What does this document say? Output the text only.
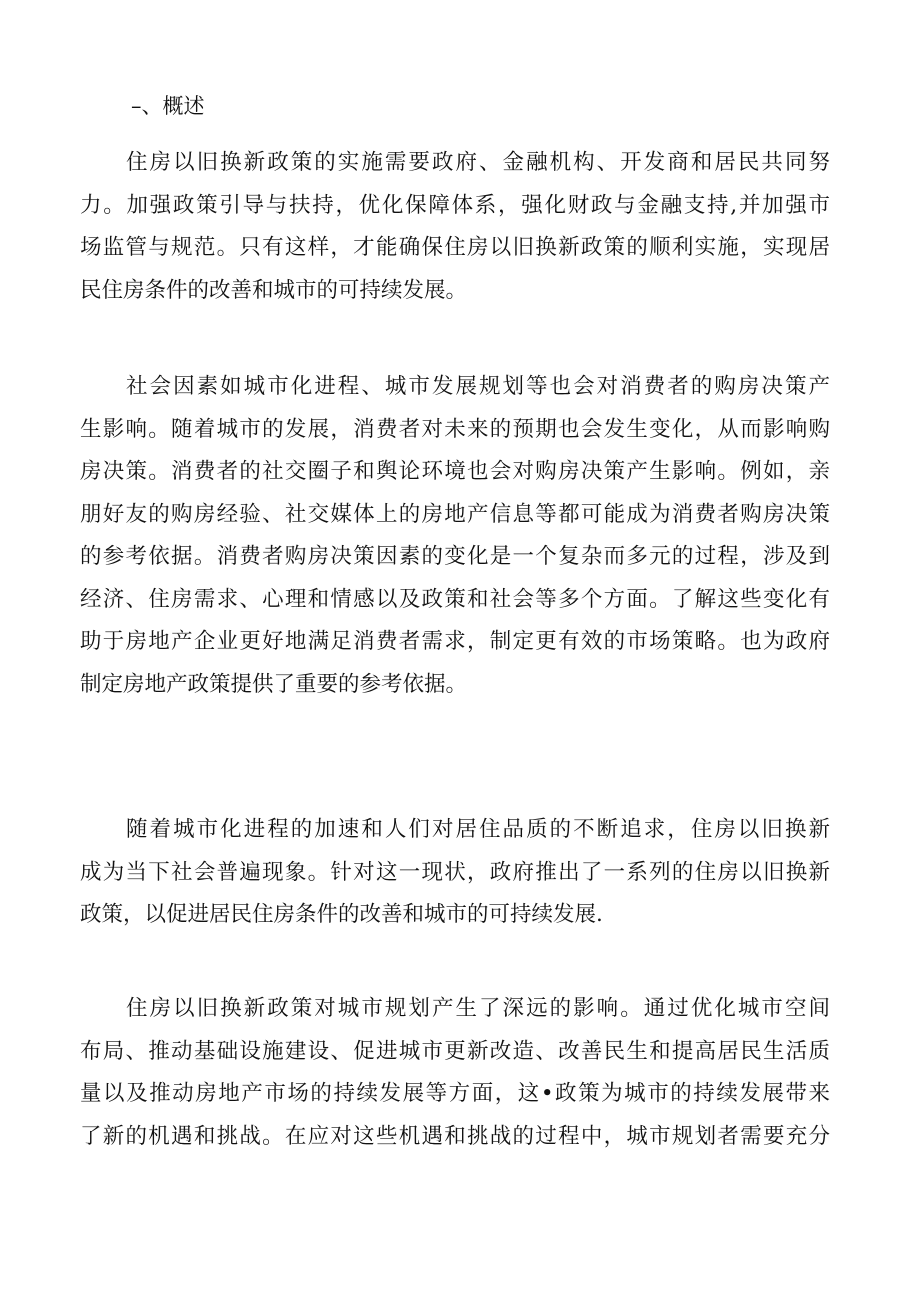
–、概述
住房以旧换新政策的实施需要政府、金融机构、开发商和居民共同努
力。加强政策引导与扶持，优化保障体系，强化财政与金融支持,并加强市
场监管与规范。只有这样，才能确保住房以旧换新政策的顺利实施，实现居
民住房条件的改善和城市的可持续发展。
社会因素如城市化进程、城市发展规划等也会对消费者的购房决策产
生影响。随着城市的发展，消费者对未来的预期也会发生变化，从而影响购
房决策。消费者的社交圈子和舆论环境也会对购房决策产生影响。例如，亲
朋好友的购房经验、社交媒体上的房地产信息等都可能成为消费者购房决策
的参考依据。消费者购房决策因素的变化是一个复杂而多元的过程，涉及到
经济、住房需求、心理和情感以及政策和社会等多个方面。了解这些变化有
助于房地产企业更好地满足消费者需求，制定更有效的市场策略。也为政府
制定房地产政策提供了重要的参考依据。
随着城市化进程的加速和人们对居住品质的不断追求，住房以旧换新
成为当下社会普遍现象。针对这一现状，政府推出了一系列的住房以旧换新
政策，以促进居民住房条件的改善和城市的可持续发展.
住房以旧换新政策对城市规划产生了深远的影响。通过优化城市空间
布局、推动基础设施建设、促进城市更新改造、改善民生和提高居民生活质
量以及推动房地产市场的持续发展等方面，这•政策为城市的持续发展带来
了新的机遇和挑战。在应对这些机遇和挑战的过程中，城市规划者需要充分
